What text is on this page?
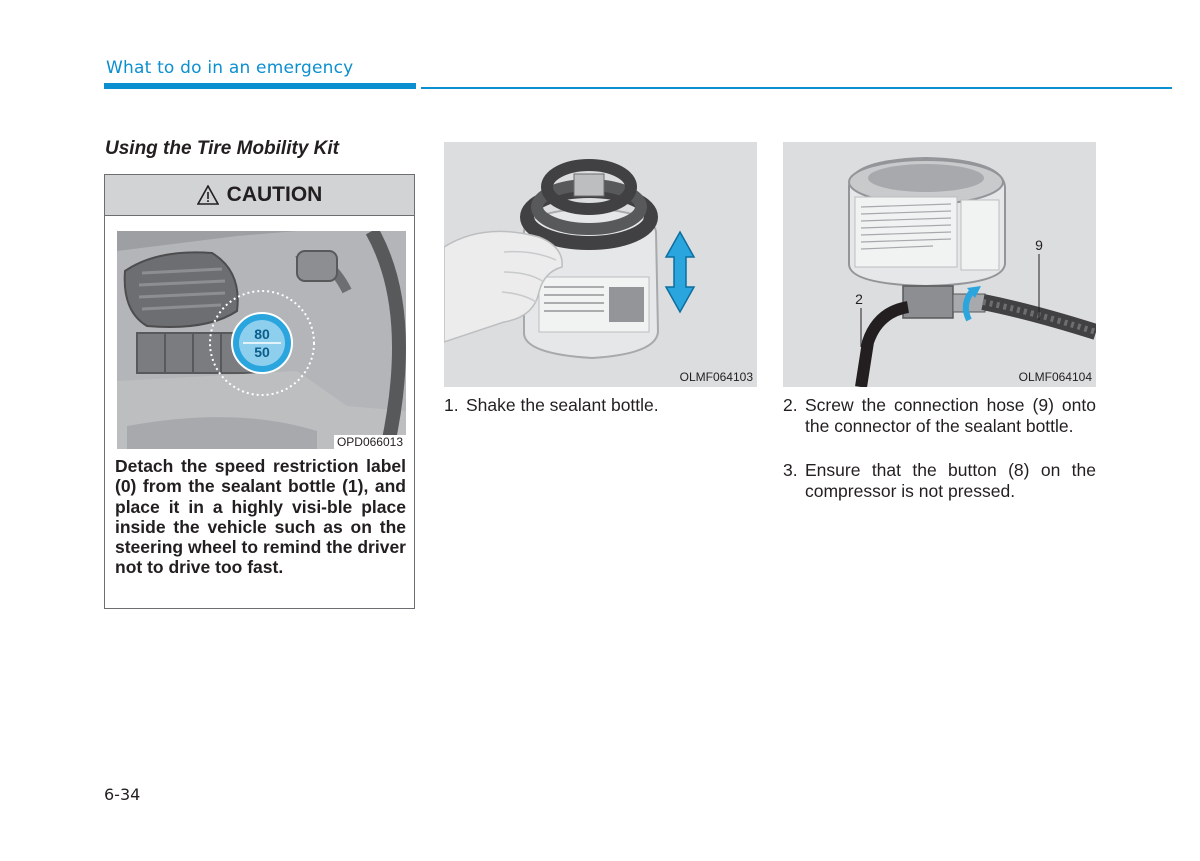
What to do in an emergency
Using the Tire Mobility Kit
CAUTION
80
50
OPD066013
Detach the speed restriction label (0) from the sealant bottle (1), and place it in a highly visi-ble place inside the vehicle such as on the steering wheel to remind the driver not to drive too fast.
OLMF064103
2
9
OLMF064104
1. Shake the sealant bottle.	2. Screw the connection hose (9) onto the connector of the sealant bottle.
3. Ensure that the button (8) on the compressor is not pressed.
6-34
